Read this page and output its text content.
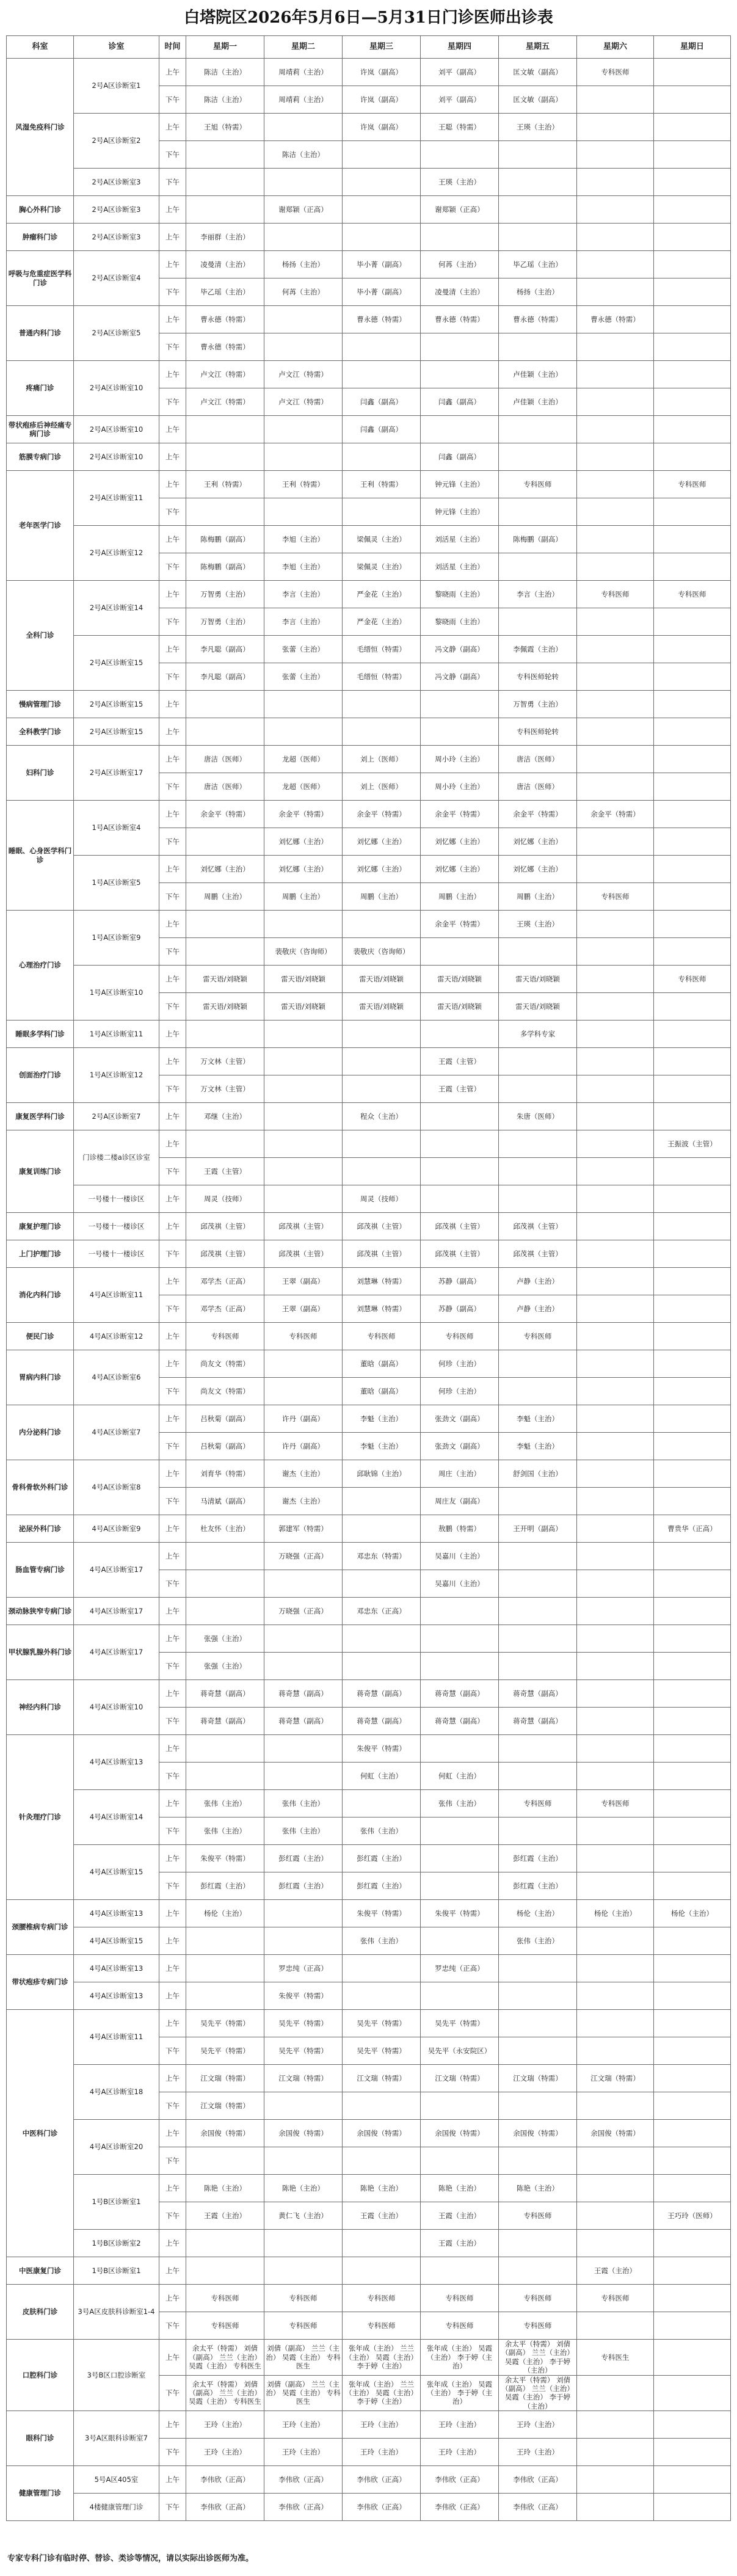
白塔院区2026年5月6日—5月31日门诊医师出诊表
科室	诊室	时间	星期一	星期二	星期三	星期四	星期五	星期六	星期日
风湿免疫科门诊	2号A区诊断室1	上午	陈洁（主治）	周靖莉（主治）	许岚（副高）	刘平（副高）	匡文敏（副高）	专科医师	
		下午	陈洁（主治）	周靖莉（主治）	许岚（副高）	刘平（副高）	匡文敏（副高）		
	2号A区诊断室2	上午	王旭（特需）		许岚（副高）	王聪（特需）	王瑛（主治）		
		下午		陈洁（主治）					
	2号A区诊断室3	下午				王瑛（主治）			
胸心外科门诊	2号A区诊断室3	上午		谢郑颖（正高）		谢郑颖（正高）			
肿瘤科门诊	2号A区诊断室3	上午	李丽群（主治）						
呼吸与危重症医学科门诊	2号A区诊断室4	上午	凌曼清（主治）	杨扬（主治）	毕小菁（副高）	何苒（主治）	毕乙瑶（主治）		
		下午	毕乙瑶（主治）	何苒（主治）	毕小菁（副高）	凌曼清（主治）	杨扬（主治）		
普通内科门诊	2号A区诊断室5	上午	曹永德（特需）		曹永德（特需）	曹永德（特需）	曹永德（特需）	曹永德（特需）	
		下午	曹永德（特需）						
疼痛门诊	2号A区诊断室10	上午	卢文江（特需）	卢文江（特需）			卢佳颖（主治）		
		下午	卢文江（特需）	卢文江（特需）	闫鑫（副高）	闫鑫（副高）	卢佳颖（主治）		
带状疱疹后神经痛专病门诊	2号A区诊断室10	上午			闫鑫（副高）				
筋膜专病门诊	2号A区诊断室10	上午				闫鑫（副高）			
老年医学门诊	2号A区诊断室11	上午	王利（特需）	王利（特需）	王利（特需）	钟元锋（主治）	专科医师		专科医师
		下午				钟元锋（主治）			
	2号A区诊断室12	上午	陈梅鹏（副高）	李旭（主治）	梁佩灵（主治）	刘活星（主治）	陈梅鹏（副高）		
		下午	陈梅鹏（副高）	李旭（主治）	梁佩灵（主治）	刘活星（主治）			
全科门诊	2号A区诊断室14	上午	万智勇（主治）	李言（主治）	严金花（主治）	黎晓雨（主治）	李言（主治）	专科医师	专科医师
		下午	万智勇（主治）	李言（主治）	严金花（主治）	黎晓雨（主治）			
	2号A区诊断室15	上午	李凡聪（副高）	张蕾（主治）	毛缙恒（特需）	冯文静（副高）	李佩霞（主治）		
		下午	李凡聪（副高）	张蕾（主治）	毛缙恒（特需）	冯文静（副高）	专科医师轮转		
慢病管理门诊	2号A区诊断室15	上午					万智勇（主治）		
全科教学门诊	2号A区诊断室15	上午					专科医师轮转		
妇科门诊	2号A区诊断室17	上午	唐洁（医师）	龙超（医师）	刘上（医师）	周小玲（主治）	唐洁（医师）		
		下午	唐洁（医师）	龙超（医师）	刘上（医师）	周小玲（主治）	唐洁（医师）		
睡眠、心身医学科门诊	1号A区诊断室4	上午	余金平（特需）	余金平（特需）	余金平（特需）	余金平（特需）	余金平（特需）	余金平（特需）	
		下午		刘忆娜（主治）	刘忆娜（主治）	刘忆娜（主治）	刘忆娜（主治）		
	1号A区诊断室5	上午	刘忆娜（主治）	刘忆娜（主治）	刘忆娜（主治）	刘忆娜（主治）	刘忆娜（主治）		
		下午	周鹏（主治）	周鹏（主治）	周鹏（主治）	周鹏（主治）	周鹏（主治）	专科医师	
心理治疗门诊	1号A区诊断室9	上午				余金平（特需）	王瑛（主治）		
		下午		裴敬庆（咨询师）	裴敬庆（咨询师）				
	1号A区诊断室10	上午	雷天语/刘晓颖	雷天语/刘晓颖	雷天语/刘晓颖	雷天语/刘晓颖	雷天语/刘晓颖		专科医师
		下午	雷天语/刘晓颖	雷天语/刘晓颖	雷天语/刘晓颖	雷天语/刘晓颖	雷天语/刘晓颖		
睡眠多学科门诊	1号A区诊断室11	上午					多学科专家		
创面治疗门诊	1号A区诊断室12	上午	万文林（主管）			王霞（主管）			
		下午	万文林（主管）			王霞（主管）			
康复医学科门诊	2号A区诊断室7	上午	邓继（主治）		程众（主治）		朱唐（医师）		
康复训练门诊	门诊楼二楼a诊区诊室	上午							王振波（主管）
		下午	王霞（主管）						
	一号楼十一楼诊区	上午	周灵（技师）		周灵（技师）				
康复护理门诊	一号楼十一楼诊区	上午	邱茂祺（主管）	邱茂祺（主管）	邱茂祺（主管）	邱茂祺（主管）	邱茂祺（主管）		
上门护理门诊	一号楼十一楼诊区	下午	邱茂祺（主管）	邱茂祺（主管）	邱茂祺（主管）	邱茂祺（主管）	邱茂祺（主管）		
消化内科门诊	4号A区诊断室11	上午	邓学杰（正高）	王翠（副高）	刘慧琳（特需）	苏静（副高）	卢静（主治）		
		下午	邓学杰（正高）	王翠（副高）	刘慧琳（特需）	苏静（副高）	卢静（主治）		
便民门诊	4号A区诊断室12	上午	专科医师	专科医师	专科医师	专科医师	专科医师		
胃病内科门诊	4号A区诊断室6	上午	尚友文（特需）		董晗（副高）	何珍（主治）			
		下午	尚友文（特需）		董晗（副高）	何珍（主治）			
内分泌科门诊	4号A区诊断室7	上午	吕秋菊（副高）	许丹（副高）	李魁（主治）	张劲文（副高）	李魁（主治）		
		下午	吕秋菊（副高）	许丹（副高）	李魁（主治）	张劲文（副高）	李魁（主治）		
骨科骨软外科门诊	4号A区诊断室8	上午	刘育华（特需）	谢杰（主治）	邱耿锦（主治）	周庄（主治）	舒剑国（主治）		
		下午	马清斌（副高）	谢杰（主治）		周庄友（副高）			
泌尿外科门诊	4号A区诊断室9	上午	杜友怀（主治）	郭建军（特需）		敖鹏（特需）	王开明（副高）		曹贵华（正高）
肠血管专病门诊	4号A区诊断室17	上午		万晓强（正高）	邓忠东（特需）	吴嘉川（主治）			
		下午				吴嘉川（主治）			
颈动脉狭窄专病门诊	4号A区诊断室17	上午		万晓强（正高）	邓忠东（正高）				
甲状腺乳腺外科门诊	4号A区诊断室17	上午	张强（主治）						
		下午	张强（主治）						
神经内科门诊	4号A区诊断室10	上午	蒋奇慧（副高）	蒋奇慧（副高）	蒋奇慧（副高）	蒋奇慧（副高）	蒋奇慧（副高）		
		下午	蒋奇慧（副高）	蒋奇慧（副高）	蒋奇慧（副高）	蒋奇慧（副高）	蒋奇慧（副高）		
针灸理疗门诊	4号A区诊断室13	上午			朱俊平（特需）				
		下午			何虹（主治）	何虹（主治）			
	4号A区诊断室14	上午	张伟（主治）	张伟（主治）		张伟（主治）	专科医师	专科医师	
		下午	张伟（主治）	张伟（主治）	张伟（主治）				
	4号A区诊断室15	上午	朱俊平（特需）	彭红霞（主治）	彭红霞（主治）		彭红霞（主治）		
		下午	彭红霞（主治）	彭红霞（主治）	彭红霞（主治）		彭红霞（主治）		
颈腰椎病专病门诊	4号A区诊断室13	上午	杨伦（主治）		朱俊平（特需）	朱俊平（特需）	杨伦（主治）	杨伦（主治）	杨伦（主治）
	4号A区诊断室15	上午			张伟（主治）		张伟（主治）		
带状疱疹专病门诊	4号A区诊断室13	上午		罗忠纯（正高）		罗忠纯（正高）			
	4号A区诊断室13	上午		朱俊平（特需）					
中医科门诊	4号A区诊断室11	上午	吴先平（特需）	吴先平（特需）	吴先平（特需）	吴先平（特需）			
		下午	吴先平（特需）	吴先平（特需）	吴先平（特需）	吴先平（永安院区）			
	4号A区诊断室18	上午	江文瑞（特需）	江文瑞（特需）	江文瑞（特需）	江文瑞（特需）	江文瑞（特需）	江文瑞（特需）	
		下午	江文瑞（特需）						
	4号A区诊断室20	上午	余国俊（特需）	余国俊（特需）	余国俊（特需）	余国俊（特需）	余国俊（特需）	余国俊（特需）	
		下午							
	1号B区诊断室1	上午	陈艳（主治）	陈艳（主治）	陈艳（主治）	陈艳（主治）	陈艳（主治）		
		下午	王霞（主治）	黄仁飞（主治）	王霞（主治）	王霞（主治）	专科医师		王巧玲（医师）
	1号B区诊断室2	上午				王霞（主治）			
中医康复门诊	1号B区诊断室1	上午						王霞（主治）	
皮肤科门诊	3号A区皮肤科诊断室1-4	上午	专科医师	专科医师	专科医师	专科医师	专科医师	专科医师	
		下午	专科医师	专科医师	专科医师	专科医师	专科医师		
口腔科门诊	3号B区口腔诊断室	上午	余太平（特需） 刘倩（副高） 兰兰（主治） 吴霞（主治） 专科医生	刘倩（副高） 兰兰（主治） 吴霞（主治） 专科医生	张年成（主治） 兰兰（主治） 吴霞（主治） 李于婷（主治）	张年成（主治） 吴霞（主治） 李于婷（主治）	余太平（特需） 刘倩（副高） 兰兰（主治） 吴霞（主治） 李于婷（主治）	专科医生	
		下午	余太平（特需） 刘倩（副高） 兰兰（主治） 吴霞（主治） 专科医生	刘倩（副高） 兰兰（主治） 吴霞（主治） 专科医生	张年成（主治） 兰兰（主治） 吴霞（主治） 李于婷（主治）	张年成（主治） 吴霞（主治） 李于婷（主治）	余太平（特需） 刘倩（副高） 兰兰（主治） 吴霞（主治） 李于婷（主治）		
眼科门诊	3号A区眼科诊断室7	上午	王玲（主治）	王玲（主治）	王玲（主治）	王玲（主治）	王玲（主治）		
		下午	王玲（主治）	王玲（主治）	王玲（主治）	王玲（主治）	王玲（主治）		
健康管理门诊	5号A区405室	上午	李伟欣（正高）	李伟欣（正高）	李伟欣（正高）	李伟欣（正高）	李伟欣（正高）		
	4楼健康管理门诊	下午	李伟欣（正高）	李伟欣（正高）	李伟欣（正高）	李伟欣（正高）	李伟欣（正高）		
专家专科门诊有临时停、替诊、类诊等情况，请以实际出诊医师为准。
